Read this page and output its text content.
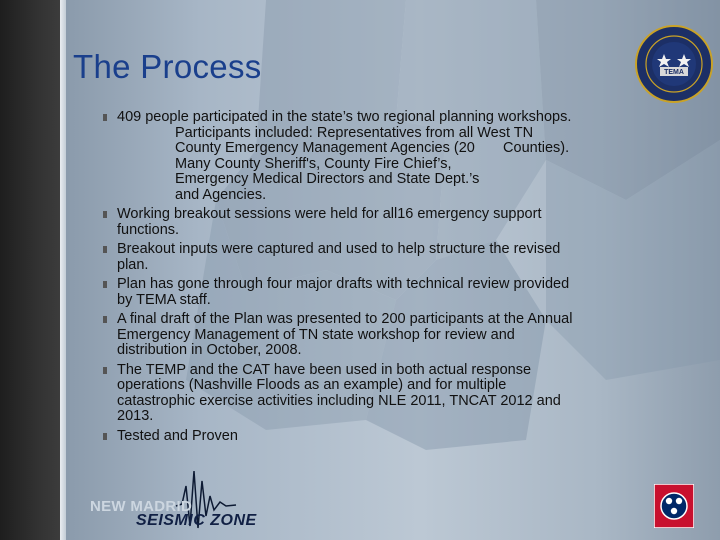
The Process	TEMA
409 people participated in the state’s two regional planning workshops.
Participants included: Representatives from all West TN
County Emergency Management Agencies (20       Counties).
Many County Sheriff's, County Fire Chief’s,
Emergency Medical Directors and State Dept.’s
and Agencies.
Working breakout sessions were held for all16 emergency support
functions.
Breakout inputs were captured and used to help structure the revised
plan.
Plan has gone through four major drafts with technical review provided
by TEMA staff.
A final draft of the Plan was presented to 200 participants at the Annual
Emergency Management of TN state workshop for review and
distribution in October, 2008.
The TEMP and the CAT have been used in both actual response
operations (Nashville Floods as an example) and for multiple
catastrophic exercise activities including NLE 2011, TNCAT 2012 and
2013.
Tested and Proven
NEW MADRID
SEISMIC ZONE
